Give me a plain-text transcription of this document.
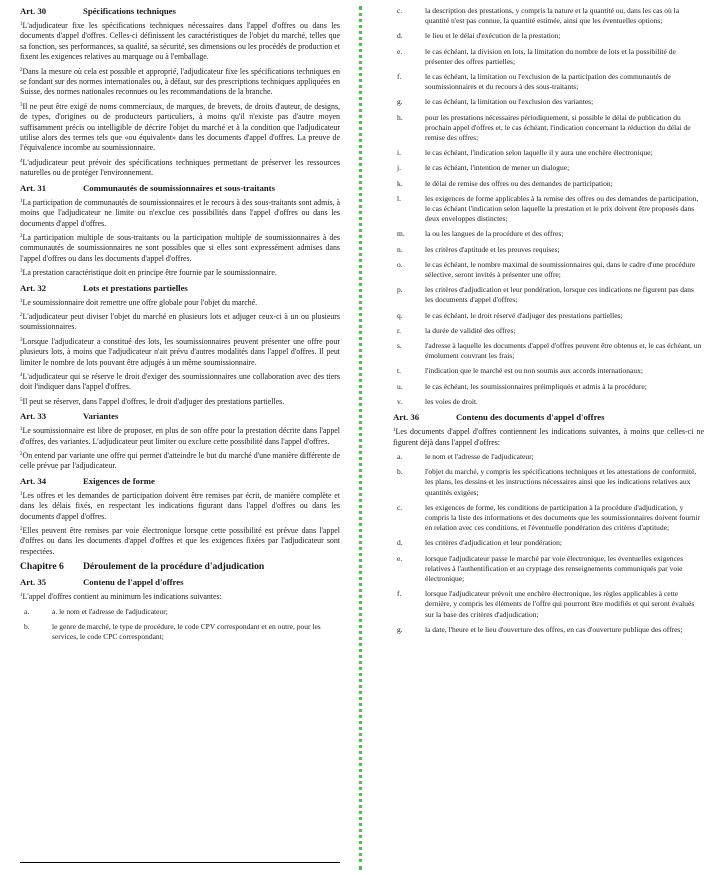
Art. 30	Spécifications techniques

$^1$L'adjudicateur fixe les spécifications techniques nécessaires dans l'appel d'offres ou dans les documents d'appel d'offres. Celles-ci définissent les caractéristiques de l'objet du marché, telles que sa fonction, ses performances, sa qualité, sa sécurité, ses dimensions ou les procédés de production et fixent les exigences relatives au marquage ou à l'emballage.

$^2$Dans la mesure où cela est possible et approprié, l'adjudicateur fixe les spécifications techniques en se fondant sur des normes internationales ou, à défaut, sur des prescriptions techniques appliquées en Suisse, des normes nationales reconnues ou les recommandations de la branche.

$^3$Il ne peut être exigé de noms commerciaux, de marques, de brevets, de droits d'auteur, de designs, de types, d'origines ou de producteurs particuliers, à moins qu'il n'existe pas d'autre moyen suffisamment précis ou intelligible de décrire l'objet du marché et à la condition que l'adjudicateur utilise alors des termes tels que «ou équivalent» dans les documents d'appel d'offres. La preuve de l'équivalence incombe au soumissionnaire.

$^4$L'adjudicateur peut prévoir des spécifications techniques permettant de préserver les ressources naturelles ou de protéger l'environnement.

Art. 31	Communautés de soumissionnaires et sous-traitants

$^1$La participation de communautés de soumissionnaires et le recours à des sous-traitants sont admis, à moins que l'adjudicateur ne limite ou n'exclue ces possibilités dans l'appel d'offres ou dans les documents d'appel d'offres.

$^2$La participation multiple de sous-traitants ou la participation multiple de soumissionnaires à des communautés de soumissionnaires ne sont possibles que si elles sont expressément admises dans l'appel d'offres ou dans les documents d'appel d'offres.

$^3$La prestation caractéristique doit en principe être fournie par le soumissionnaire.

Art. 32	Lots et prestations partielles

$^1$Le soumissionnaire doit remettre une offre globale pour l'objet du marché.

$^2$L'adjudicateur peut diviser l'objet du marché en plusieurs lots et adjuger ceux-ci à un ou plusieurs soumissionnaires.

$^3$Lorsque l'adjudicateur a constitué des lots, les soumissionnaires peuvent présenter une offre pour plusieurs lots, à moins que l'adjudicateur n'ait prévu d'autres modalités dans l'appel d'offres. Il peut limiter le nombre de lots pouvant être adjugés à un même soumissionnaire.

$^4$L'adjudicateur qui se réserve le droit d'exiger des soumissionnaires une collaboration avec des tiers doit l'indiquer dans l'appel d'offres.

$^5$Il peut se réserver, dans l'appel d'offres, le droit d'adjuger des prestations partielles.

Art. 33	Variantes

$^1$Le soumissionnaire est libre de proposer, en plus de son offre pour la prestation décrite dans l'appel d'offres, des variantes. L'adjudicateur peut limiter ou exclure cette possibilité dans l'appel d'offres.

$^2$On entend par variante une offre qui permet d'atteindre le but du marché d'une manière différente de celle prévue par l'adjudicateur.

Art. 34	Exigences de forme

$^1$Les offres et les demandes de participation doivent être remises par écrit, de manière complète et dans les délais fixés, en respectant les indications figurant dans l'appel d'offres ou dans les documents d'appel d'offres.

$^2$Elles peuvent être remises par voie électronique lorsque cette possibilité est prévue dans l'appel d'offres ou dans les documents d'appel d'offres et que les exigences fixées par l'adjudicateur sont respectées.

Chapitre 6	Déroulement de la procédure d'adjudication
Art. 35	Contenu de l'appel d'offres

$^1$L'appel d'offres contient au minimum les indications suivantes:

a.	a. le nom et l'adresse de l'adjudicateur;
b.	le genre de marché, le type de procédure, le code CPV correspondant et en outre, pour les services, le code CPC correspondant;
c.	la description des prestations, y compris la nature et la quantité ou, dans les cas où la quantité n'est pas connue, la quantité estimée, ainsi que les éventuelles options;
d.	le lieu et le délai d'exécution de la prestation;
e.	le cas échéant, la division en lots, la limitation du nombre de lots et la possibilité de présenter des offres partielles;
f.	le cas échéant, la limitation ou l'exclusion de la participation des communautés de soumissionnaires et du recours à des sous-traitants;
g.	le cas échéant, la limitation ou l'exclusion des variantes;
h.	pour les prestations nécessaires périodiquement, si possible le délai de publication du prochain appel d'offres et, le cas échéant, l'indication concernant la réduction du délai de remise des offres;
i.	le cas échéant, l'indication selon laquelle il y aura une enchère électronique;
j.	le cas échéant, l'intention de mener un dialogue;
k.	le délai de remise des offres ou des demandes de participation;
l.	les exigences de forme applicables à la remise des offres ou des demandes de participation, le cas échéant l'indication selon laquelle la prestation et le prix doivent être proposés dans deux enveloppes distinctes;
m.	la ou les langues de la procédure et des offres;
n.	les critères d'aptitude et les preuves requises;
o.	le cas échéant, le nombre maximal de soumissionnaires qui, dans le cadre d'une procédure sélective, seront invités à présenter une offre;
p.	les critères d'adjudication et leur pondération, lorsque ces indications ne figurent pas dans les documents d'appel d'offres;
q.	le cas échéant, le droit réservé d'adjuger des prestations partielles;
r.	la durée de validité des offres;
s.	l'adresse à laquelle les documents d'appel d'offres peuvent être obtenus et, le cas échéant, un émolument couvrant les frais;
t.	l'indication que le marché est ou non soumis aux accords internationaux;
u.	le cas échéant, les soumissionnaires préimpliqués et admis à la procédure;
v.	les voies de droit.
Art. 36	Contenu des documents d'appel d'offres

$^1$Les documents d'appel d'offres contiennent les indications suivantes, à moins que celles-ci ne figurent déjà dans l'appel d'offres:

a.	le nom et l'adresse de l'adjudicateur;
b.	l'objet du marché, y compris les spécifications techniques et les attestations de conformité, les plans, les dessins et les instructions nécessaires ainsi que les indications relatives aux quantités exigées;
c.	les exigences de forme, les conditions de participation à la procédure d'adjudication, y compris la liste des informations et des documents que les soumissionnaires doivent fournir en relation avec ces conditions, et l'éventuelle pondération des critères d'aptitude;
d.	les critères d'adjudication et leur pondération;
e.	lorsque l'adjudicateur passe le marché par voie électronique, les éventuelles exigences relatives à l'authentification et au cryptage des renseignements communiqués par voie électronique;
f.	lorsque l'adjudicateur prévoit une enchère électronique, les règles applicables à cette dernière, y compris les éléments de l'offre qui pourront être modifiés et qui seront évalués sur la base des critères d'adjudication;
g.	la date, l'heure et le lieu d'ouverture des offres, en cas d'ouverture publique des offres;
